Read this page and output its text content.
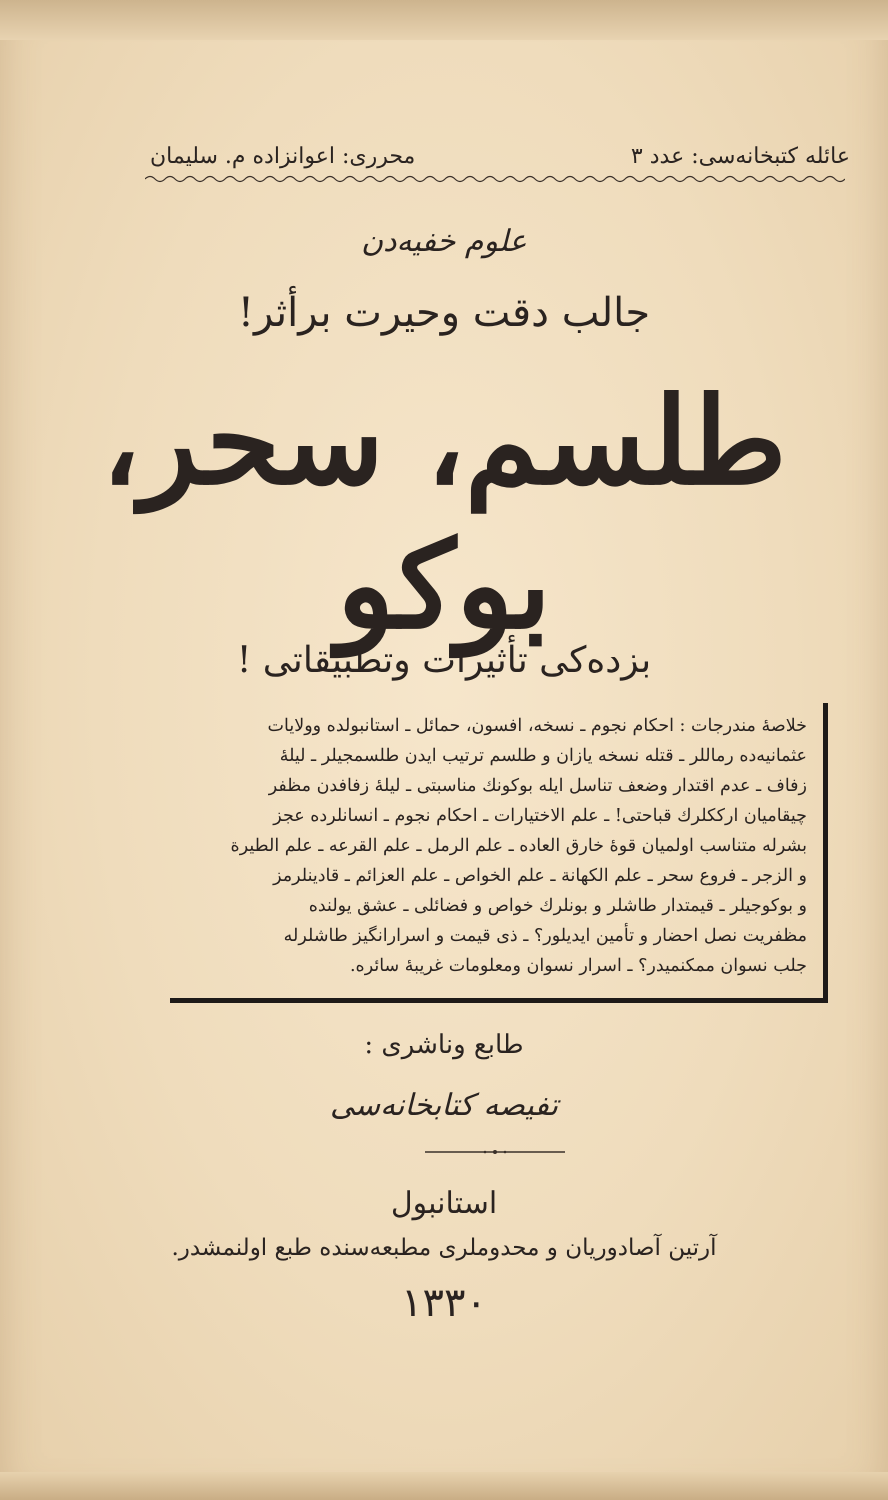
عائله کتبخانه‌سی: عدد ۳
محرری: اعوانزاده م. سلیمان
علوم خفیه‌دن
جالب دقت وحیرت برأثر!
طلسم، سحر، بوکو
بزده‌کی تأثیرات وتطبیقاتی !
خلاصهٔ مندرجات : احکام نجوم ـ نسخه، افسون، حمائل ـ استانبولده وولایات
عثمانیه‌ده رماللر ـ قتله نسخه یازان و طلسم ترتیب ایدن طلسمجیلر ـ لیلهٔ
زفاف ـ عدم اقتدار وضعف تناسل ایله بوکونك مناسبتی ـ لیلهٔ زفافدن مظفر
چیقامیان ارککلرك قباحتی! ـ علم الاختیارات ـ احکام نجوم ـ انسانلرده عجز
بشرله متناسب اولمیان قوهٔ خارق العاده ـ علم الرمل ـ علم القرعه ـ علم الطیرة
و الزجر ـ فروع سحر ـ علم الکهانة ـ علم الخواص ـ علم العزائم ـ قادینلرمز
و بوکوجیلر ـ قیمتدار طاشلر و بونلرك خواص و فضائلی ـ عشق یولنده
مظفریت نصل احضار و تأمین ایدیلور؟ ـ ذی قیمت و اسرارانگیز طاشلرله
جلب نسوان ممکنمیدر؟ ـ اسرار نسوان ومعلومات غریبهٔ سائره.
طابع وناشری :
تفیصه کتابخانه‌سی
استانبول
آرتین آصادوریان و محدوملری مطبعه‌سنده طبع اولنمشدر.
۱۳۳۰
